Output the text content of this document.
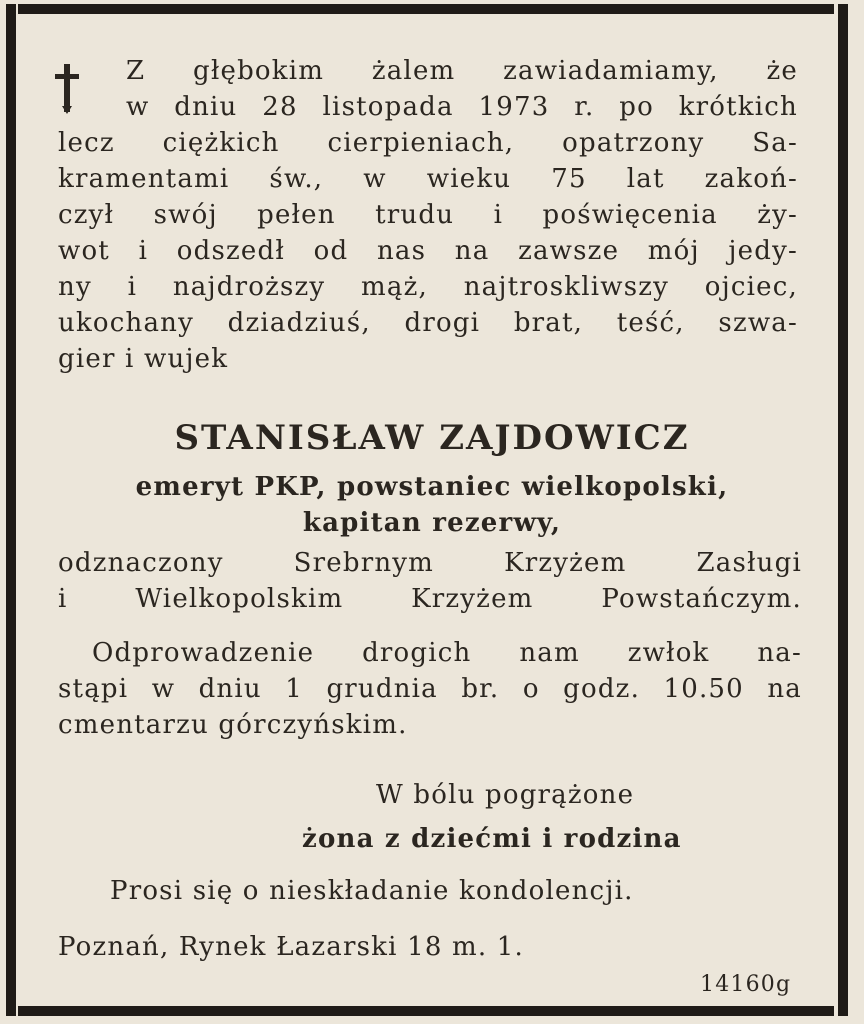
Z głębokim żalem zawiadamiamy, że
w dniu 28 listopada 1973 r. po krótkich
lecz ciężkich cierpieniach, opatrzony Sa-
kramentami św., w wieku 75 lat zakoń-
czył swój pełen trudu i poświęcenia ży-
wot i odszedł od nas na zawsze mój jedy-
ny i najdroższy mąż, najtroskliwszy ojciec,
ukochany dziadziuś, drogi brat, teść, szwa-
gier i wujek
STANISŁAW ZAJDOWICZ
emeryt PKP, powstaniec wielkopolski,
kapitan rezerwy,
odznaczony Srebrnym Krzyżem Zasługi
i Wielkopolskim Krzyżem Powstańczym.
Odprowadzenie drogich nam zwłok na-
stąpi w dniu 1 grudnia br. o godz. 10.50 na
cmentarzu górczyńskim.
W bólu pogrążone
żona z dziećmi i rodzina
Prosi się o nieskładanie kondolencji.
Poznań, Rynek Łazarski 18 m. 1.
14160g
